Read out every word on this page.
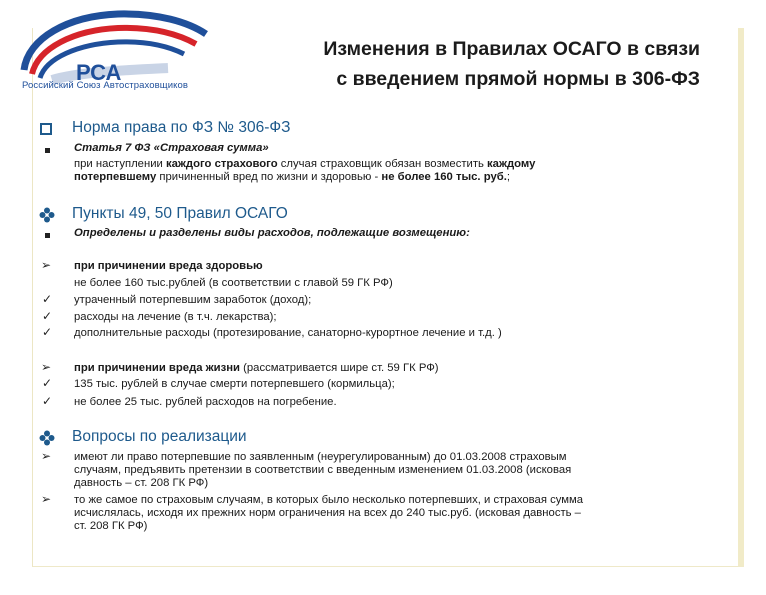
РСА
Российский Союз Автостраховщиков
Изменения в Правилах ОСАГО в связи
с введением прямой нормы в 306-ФЗ
Норма права по ФЗ № 306-ФЗ
Статья 7 ФЗ «Страховая сумма»
при наступлении каждого страхового случая страховщик обязан возместить каждому
потерпевшему причиненный вред по жизни и здоровью - не более 160 тыс. руб.;
Пункты 49, 50 Правил ОСАГО
Определены и разделены виды расходов, подлежащие возмещению:
➢ при причинении вреда здоровью
не более 160 тыс.рублей (в соответствии с главой 59 ГК РФ)
✓ утраченный потерпевшим заработок (доход);
✓ расходы на лечение (в т.ч. лекарства);
✓ дополнительные расходы (протезирование, санаторно-курортное лечение и т.д. )
➢ при причинении вреда жизни (рассматривается шире ст. 59 ГК РФ)
✓ 135 тыс. рублей в случае смерти потерпевшего (кормильца);
✓ не более 25 тыс. рублей расходов на погребение.
Вопросы по реализации
➢ имеют ли право потерпевшие по заявленным (неурегулированным) до 01.03.2008 страховым
случаям, предъявить претензии в соответствии с введенным изменением 01.03.2008 (исковая
давность – ст. 208 ГК РФ)
➢ то же самое по страховым случаям, в которых было несколько потерпевших, и страховая сумма
исчислялась, исходя их прежних норм ограничения на всех до 240 тыс.руб. (исковая давность –
ст. 208 ГК РФ)
